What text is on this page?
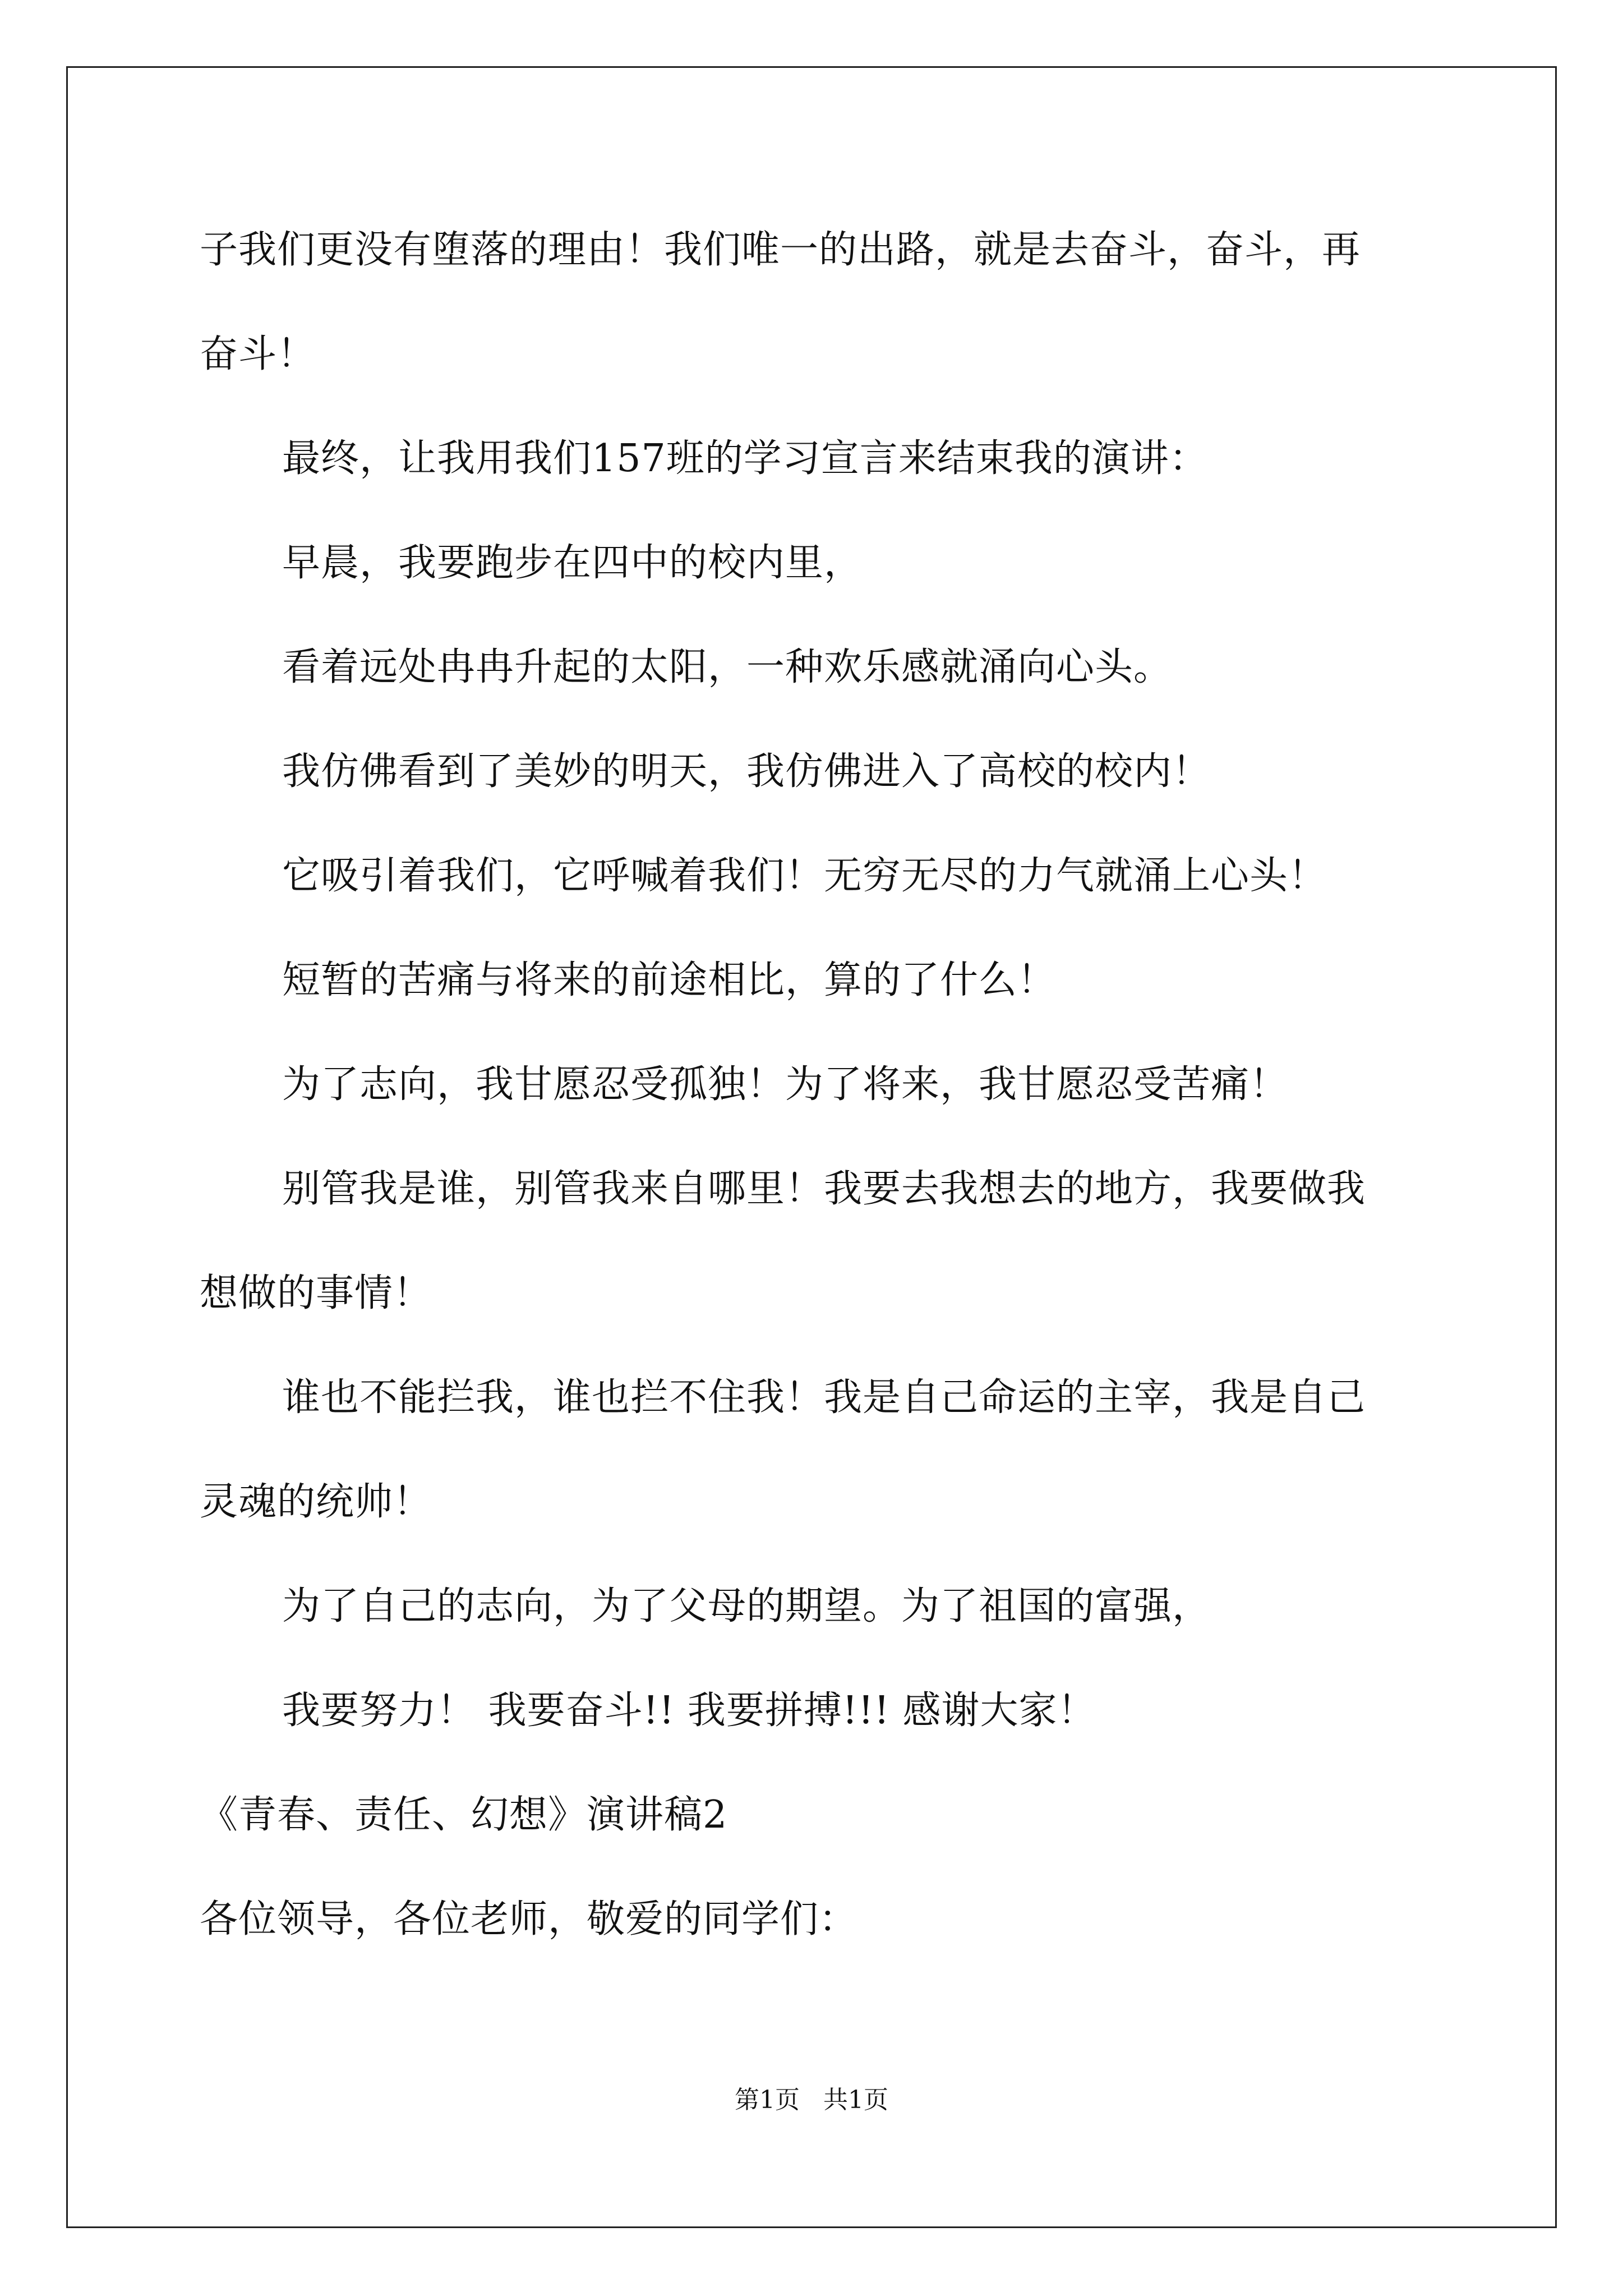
子我们更没有堕落的理由！我们唯一的出路，就是去奋斗，奋斗，再
奋斗！
最终，让我用我们157班的学习宣言来结束我的演讲：
早晨，我要跑步在四中的校内里，
看着远处冉冉升起的太阳，一种欢乐感就涌向心头。
我仿佛看到了美妙的明天，我仿佛进入了高校的校内！
它吸引着我们，它呼喊着我们！无穷无尽的力气就涌上心头！
短暂的苦痛与将来的前途相比，算的了什么！
为了志向，我甘愿忍受孤独！为了将来，我甘愿忍受苦痛！
别管我是谁，别管我来自哪里！我要去我想去的地方，我要做我
想做的事情！
谁也不能拦我，谁也拦不住我！我是自己命运的主宰，我是自己
灵魂的统帅！
为了自己的志向，为了父母的期望。为了祖国的富强，
我要努力！ 我要奋斗!! 我要拼搏!!! 感谢大家！
《青春、责任、幻想》演讲稿2
各位领导，各位老师，敬爱的同学们：
第1页   共1页
